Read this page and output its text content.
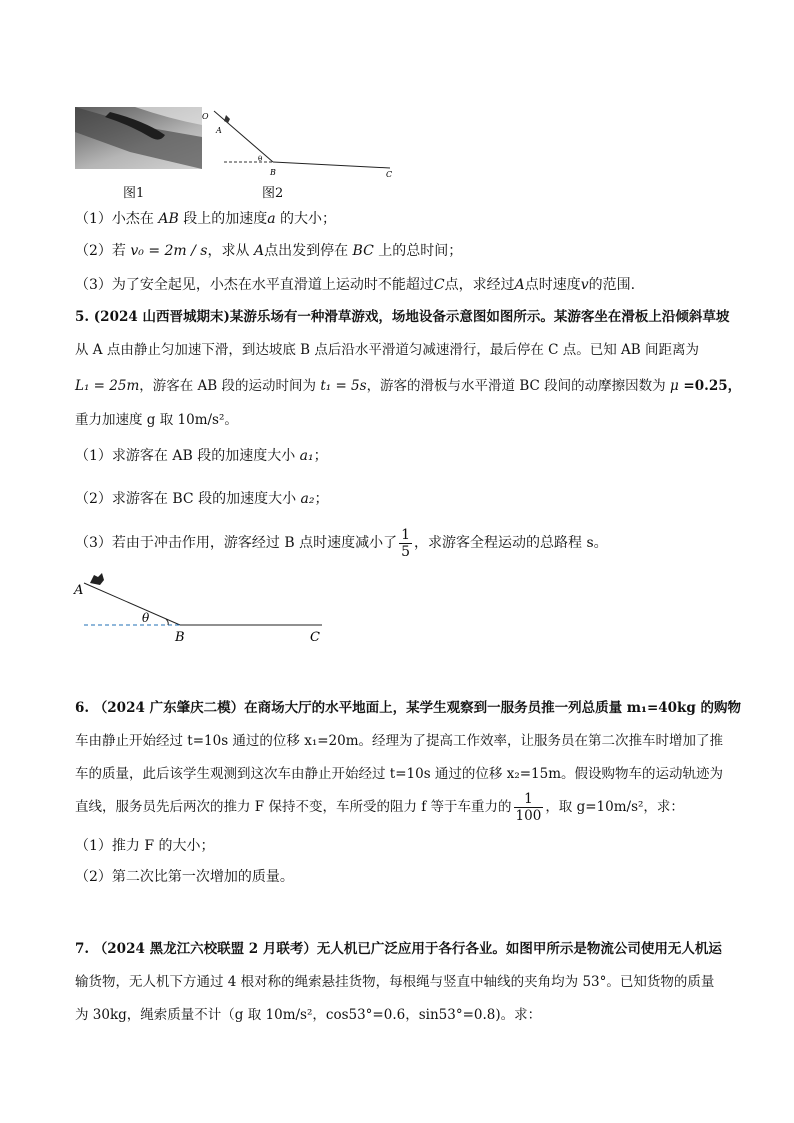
图1
O
A
θ
B	C
图2
（1）小杰在 AB 段上的加速度a 的大小；
（2）若 v₀ = 2m / s，求从 A点出发到停在 BC 上的总时间；
（3）为了安全起见，小杰在水平直滑道上运动时不能超过C点，求经过A点时速度v的范围.
5. (2024 山西晋城期末)某游乐场有一种滑草游戏，场地设备示意图如图所示。某游客坐在滑板上沿倾斜草坡
从 A 点由静止匀加速下滑，到达坡底 B 点后沿水平滑道匀减速滑行，最后停在 C 点。已知 AB 间距离为
L₁ = 25m，游客在 AB 段的运动时间为 t₁ = 5s，游客的滑板与水平滑道 BC 段间的动摩擦因数为 μ =0.25，
重力加速度 g 取 10m/s²。
（1）求游客在 AB 段的加速度大小 a₁；
（2）求游客在 BC 段的加速度大小 a₂；
（3）若由于冲击作用，游客经过 B 点时速度减小了 $\frac{1}{5}$ ，求游客全程运动的总路程 s。
A
θ
B	C
6. （2024 广东肇庆二模）在商场大厅的水平地面上，某学生观察到一服务员推一列总质量 m₁=40kg 的购物
车由静止开始经过 t=10s 通过的位移 x₁=20m。经理为了提高工作效率，让服务员在第二次推车时增加了推
车的质量，此后该学生观测到这次车由静止开始经过 t=10s 通过的位移 x₂=15m。假设购物车的运动轨迹为
直线，服务员先后两次的推力 F 保持不变，车所受的阻力 f 等于车重力的 $\frac{1}{100}$ ，取 g=10m/s²，求：
（1）推力 F 的大小；
（2）第二次比第一次增加的质量。
7. （2024 黑龙江六校联盟 2 月联考）无人机已广泛应用于各行各业。如图甲所示是物流公司使用无人机运
输货物，无人机下方通过 4 根对称的绳索悬挂货物，每根绳与竖直中轴线的夹角均为 53°。已知货物的质量
为 30kg，绳索质量不计（g 取 10m/s²，cos53°=0.6，sin53°=0.8)。求：
